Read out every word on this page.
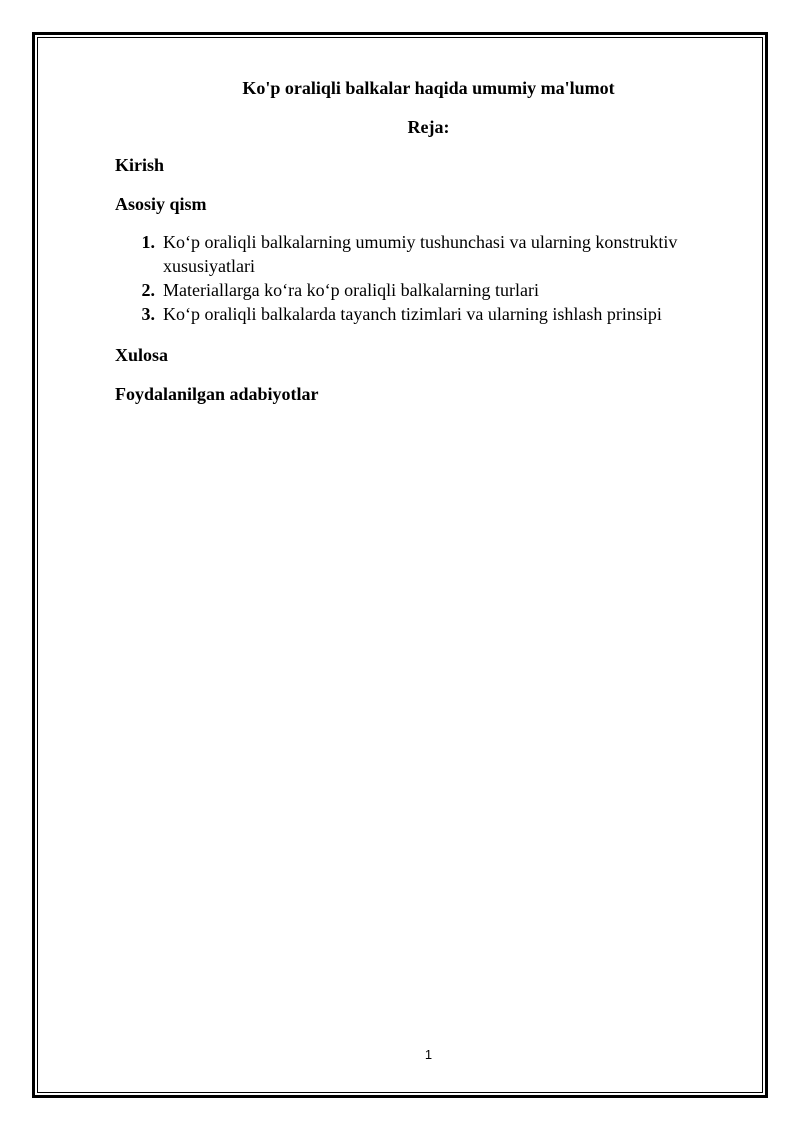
Ko'p oraliqli balkalar haqida umumiy ma'lumot
Reja:
Kirish
Asosiy qism
1. Ko‘p oraliqli balkalarning umumiy tushunchasi va ularning konstruktiv xususiyatlari
2. Materiallarga ko‘ra ko‘p oraliqli balkalarning turlari
3. Ko‘p oraliqli balkalarda tayanch tizimlari va ularning ishlash prinsipi
Xulosa
Foydalanilgan adabiyotlar
1
